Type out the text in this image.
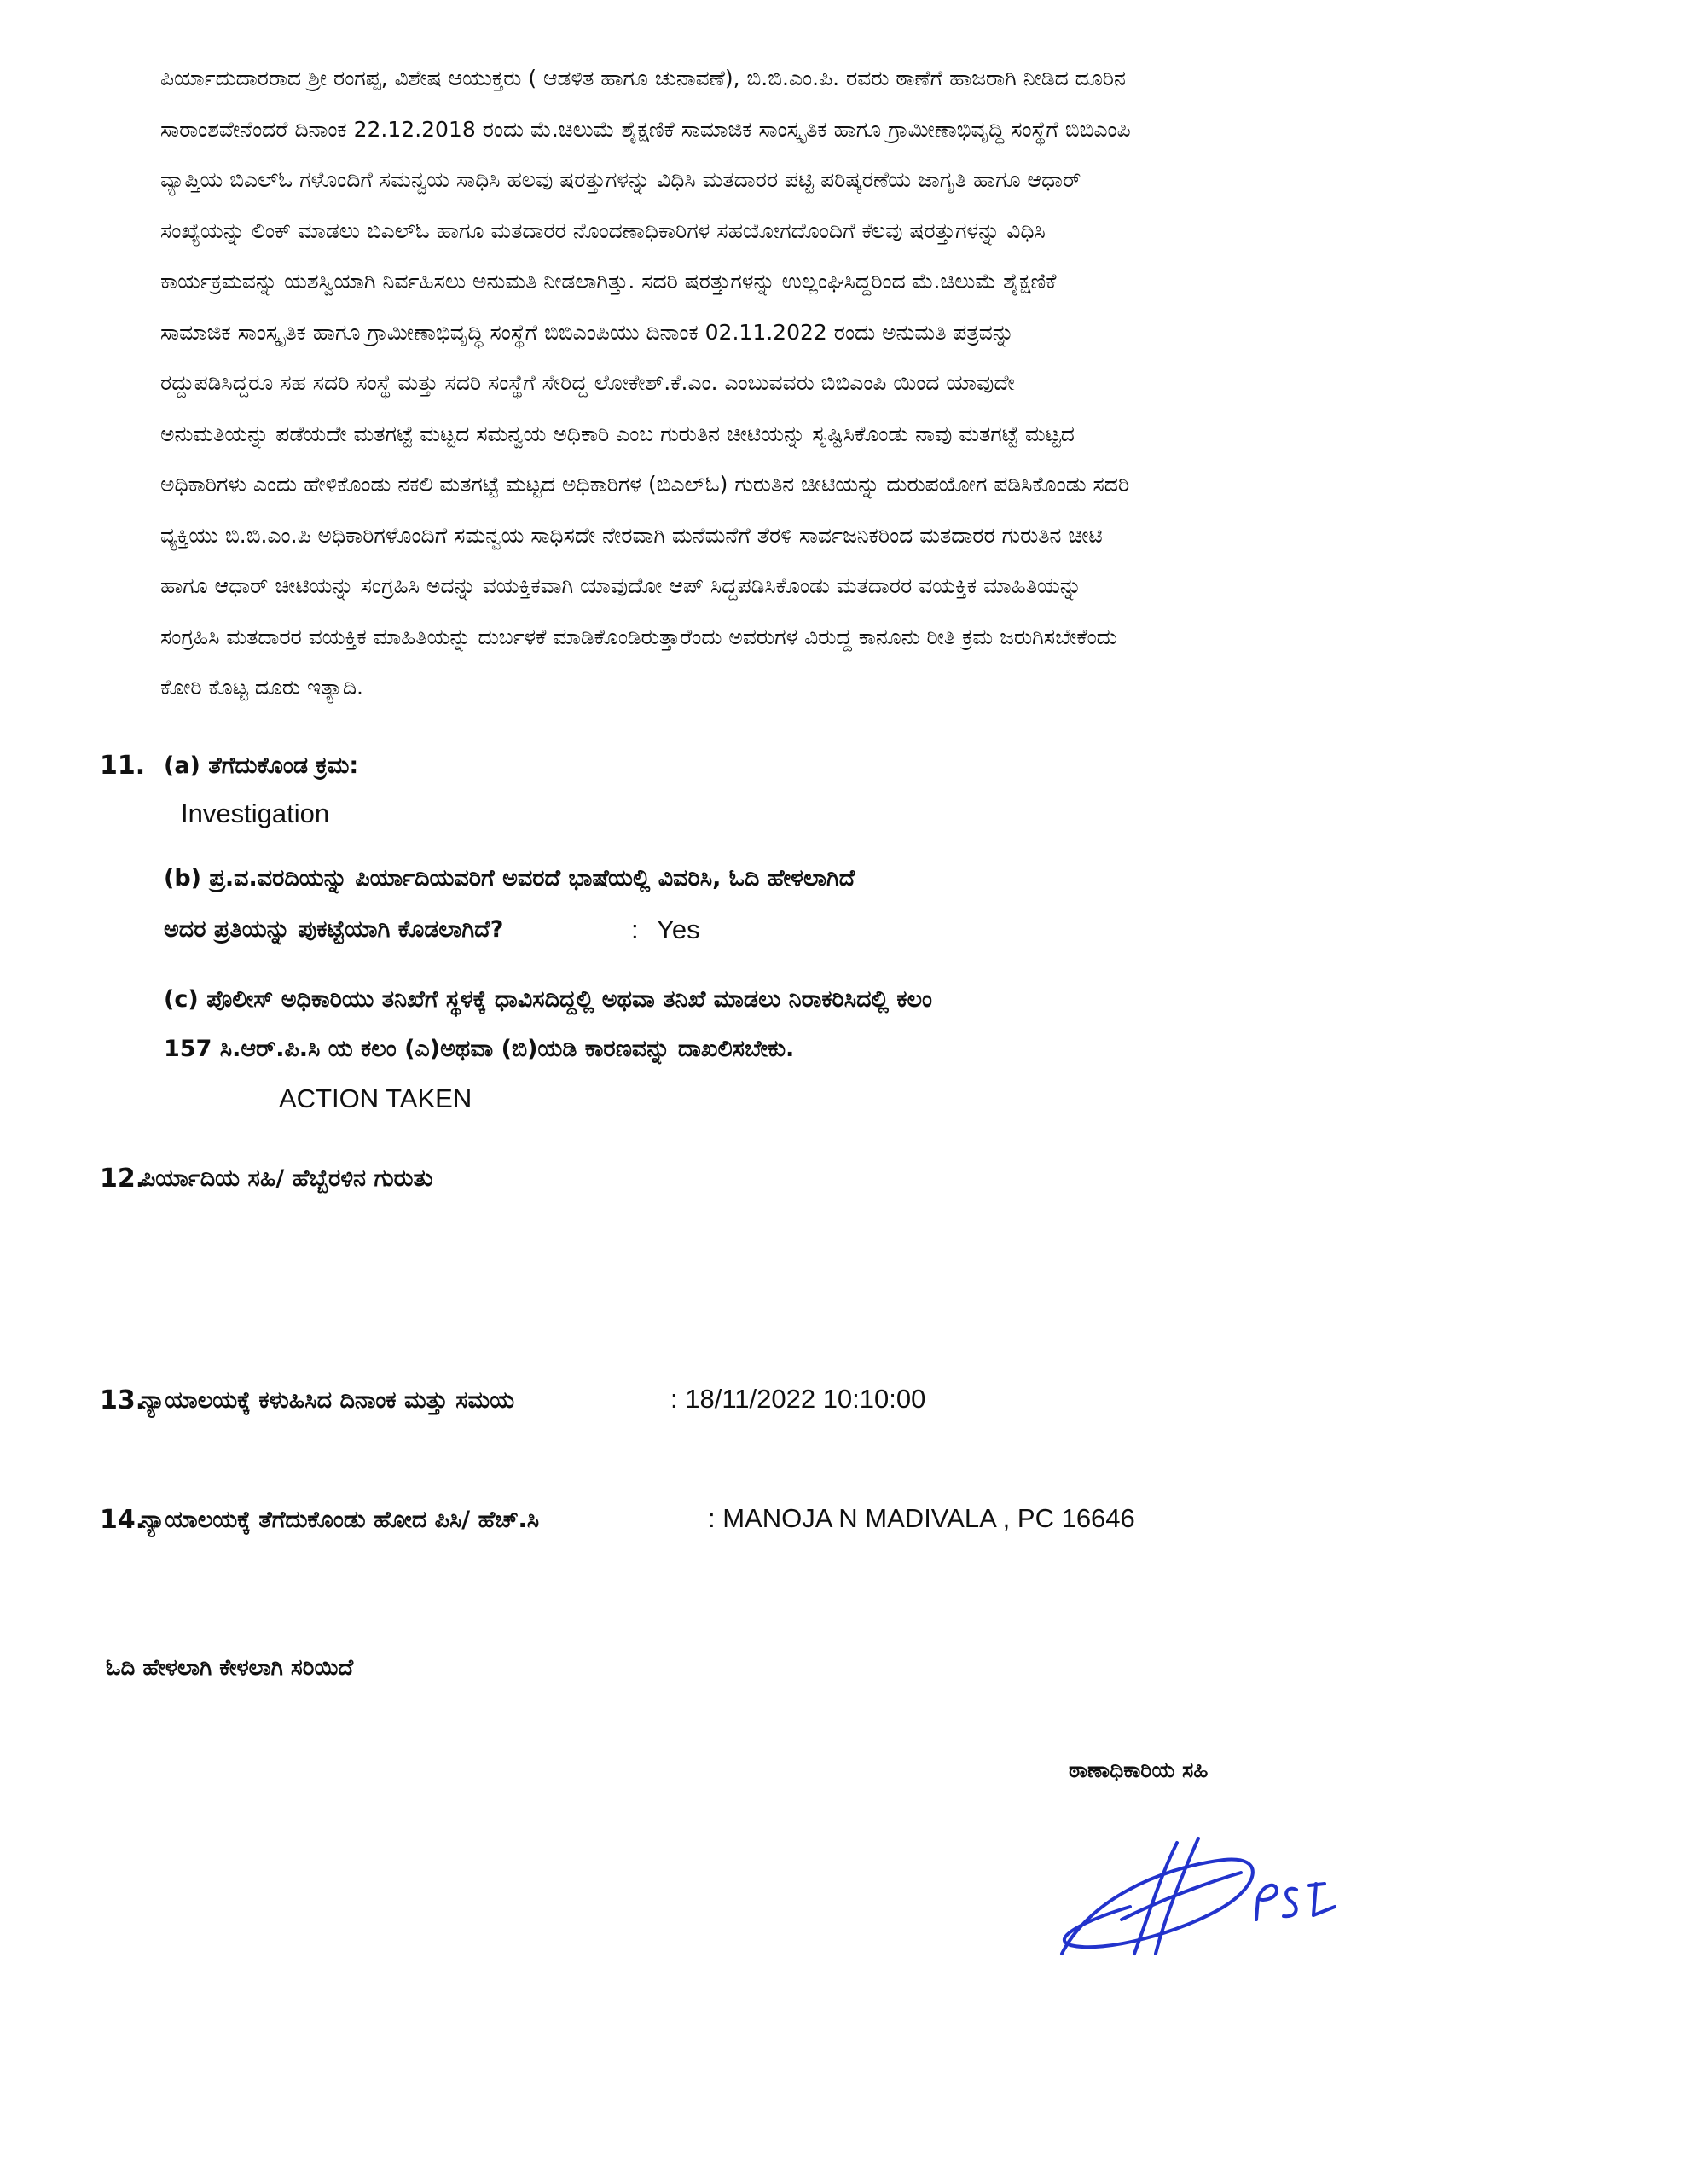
ಪಿರ್ಯಾದುದಾರರಾದ ಶ್ರೀ ರಂಗಪ್ಪ, ವಿಶೇಷ ಆಯುಕ್ತರು ( ಆಡಳಿತ ಹಾಗೂ ಚುನಾವಣೆ), ಬಿ.ಬಿ.ಎಂ.ಪಿ. ರವರು ಠಾಣೆಗೆ ಹಾಜರಾಗಿ ನೀಡಿದ ದೂರಿನ
ಸಾರಾಂಶವೇನೆಂದರೆ ದಿನಾಂಕ 22.12.2018 ರಂದು ಮೆ.ಚಿಲುಮೆ ಶೈಕ್ಷಣಿಕೆ ಸಾಮಾಜಿಕ ಸಾಂಸ್ಕೃತಿಕ ಹಾಗೂ ಗ್ರಾಮೀಣಾಭಿವೃದ್ಧಿ ಸಂಸ್ಥೆಗೆ ಬಿಬಿಎಂಪಿ
ವ್ಯಾಪ್ತಿಯ ಬಿಎಲ್‌ಓ ಗಳೊಂದಿಗೆ ಸಮನ್ವಯ ಸಾಧಿಸಿ ಹಲವು ಷರತ್ತುಗಳನ್ನು ವಿಧಿಸಿ ಮತದಾರರ ಪಟ್ಟಿ ಪರಿಷ್ಕರಣೆಯ ಜಾಗೃತಿ ಹಾಗೂ ಆಧಾರ್
ಸಂಖ್ಯೆಯನ್ನು ಲಿಂಕ್ ಮಾಡಲು ಬಿಎಲ್‌ಓ ಹಾಗೂ ಮತದಾರರ ನೊಂದಣಾಧಿಕಾರಿಗಳ ಸಹಯೋಗದೊಂದಿಗೆ ಕೆಲವು ಷರತ್ತುಗಳನ್ನು ವಿಧಿಸಿ
ಕಾರ್ಯಕ್ರಮವನ್ನು ಯಶಸ್ವಿಯಾಗಿ ನಿರ್ವಹಿಸಲು ಅನುಮತಿ ನೀಡಲಾಗಿತ್ತು. ಸದರಿ ಷರತ್ತುಗಳನ್ನು ಉಲ್ಲಂಘಿಸಿದ್ದರಿಂದ ಮೆ.ಚಿಲುಮೆ ಶೈಕ್ಷಣಿಕೆ
ಸಾಮಾಜಿಕ ಸಾಂಸ್ಕೃತಿಕ ಹಾಗೂ ಗ್ರಾಮೀಣಾಭಿವೃದ್ಧಿ ಸಂಸ್ಥೆಗೆ ಬಿಬಿಎಂಪಿಯು ದಿನಾಂಕ 02.11.2022 ರಂದು ಅನುಮತಿ ಪತ್ರವನ್ನು
ರದ್ದುಪಡಿಸಿದ್ದರೂ ಸಹ ಸದರಿ ಸಂಸ್ಥೆ ಮತ್ತು ಸದರಿ ಸಂಸ್ಥೆಗೆ ಸೇರಿದ್ದ ಲೋಕೇಶ್.ಕೆ.ಎಂ. ಎಂಬುವವರು ಬಿಬಿಎಂಪಿ ಯಿಂದ ಯಾವುದೇ
ಅನುಮತಿಯನ್ನು ಪಡೆಯದೇ ಮತಗಟ್ಟೆ ಮಟ್ಟದ ಸಮನ್ವಯ ಅಧಿಕಾರಿ ಎಂಬ ಗುರುತಿನ ಚೀಟಿಯನ್ನು ಸೃಷ್ಟಿಸಿಕೊಂಡು ನಾವು ಮತಗಟ್ಟೆ ಮಟ್ಟದ
ಅಧಿಕಾರಿಗಳು ಎಂದು ಹೇಳಿಕೊಂಡು ನಕಲಿ ಮತಗಟ್ಟೆ ಮಟ್ಟದ ಅಧಿಕಾರಿಗಳ (ಬಿಎಲ್‌ಓ) ಗುರುತಿನ ಚೀಟಿಯನ್ನು ದುರುಪಯೋಗ ಪಡಿಸಿಕೊಂಡು ಸದರಿ
ವ್ಯಕ್ತಿಯು ಬಿ.ಬಿ.ಎಂ.ಪಿ ಅಧಿಕಾರಿಗಳೊಂದಿಗೆ ಸಮನ್ವಯ ಸಾಧಿಸದೇ ನೇರವಾಗಿ ಮನೆಮನೆಗೆ ತೆರಳಿ ಸಾರ್ವಜನಿಕರಿಂದ ಮತದಾರರ ಗುರುತಿನ ಚೀಟಿ
ಹಾಗೂ ಆಧಾರ್ ಚೀಟಿಯನ್ನು ಸಂಗ್ರಹಿಸಿ ಅದನ್ನು ವಯಕ್ತಿಕವಾಗಿ ಯಾವುದೋ ಆಪ್ ಸಿದ್ದಪಡಿಸಿಕೊಂಡು ಮತದಾರರ ವಯಕ್ತಿಕ ಮಾಹಿತಿಯನ್ನು
ಸಂಗ್ರಹಿಸಿ ಮತದಾರರ ವಯಕ್ತಿಕ ಮಾಹಿತಿಯನ್ನು ದುರ್ಬಳಕೆ ಮಾಡಿಕೊಂಡಿರುತ್ತಾರೆಂದು ಅವರುಗಳ ವಿರುದ್ದ ಕಾನೂನು ರೀತಿ ಕ್ರಮ ಜರುಗಿಸಬೇಕೆಂದು
ಕೋರಿ ಕೊಟ್ಟ ದೂರು ಇತ್ಯಾದಿ.
11. (a) ತೆಗೆದುಕೊಂಡ ಕ್ರಮ:
Investigation
(b) ಪ್ರ.ವ.ವರದಿಯನ್ನು ಪಿರ್ಯಾದಿಯವರಿಗೆ ಅವರದೆ ಭಾಷೆಯಲ್ಲಿ ವಿವರಿಸಿ, ಓದಿ ಹೇಳಲಾಗಿದೆ
ಅದರ ಪ್ರತಿಯನ್ನು ಪುಕಟ್ಟೆಯಾಗಿ ಕೊಡಲಾಗಿದೆ?	: Yes
(c) ಪೊಲೀಸ್ ಅಧಿಕಾರಿಯು ತನಿಖೆಗೆ ಸ್ಥಳಕ್ಕೆ ಧಾವಿಸದಿದ್ದಲ್ಲಿ ಅಥವಾ ತನಿಖೆ ಮಾಡಲು ನಿರಾಕರಿಸಿದಲ್ಲಿ ಕಲಂ
157 ಸಿ.ಆರ್.ಪಿ.ಸಿ ಯ ಕಲಂ (ಎ)ಅಥವಾ (ಬಿ)ಯಡಿ ಕಾರಣವನ್ನು ದಾಖಲಿಸಬೇಕು.
ACTION TAKEN
12.
ಪಿರ್ಯಾದಿಯ ಸಹಿ/ ಹೆಬ್ಬೆರಳಿನ ಗುರುತು
13.
ನ್ಯಾಯಾಲಯಕ್ಕೆ ಕಳುಹಿಸಿದ ದಿನಾಂಕ ಮತ್ತು ಸಮಯ	: 18/11/2022 10:10:00
14.
ನ್ಯಾಯಾಲಯಕ್ಕೆ ತೆಗೆದುಕೊಂಡು ಹೋದ ಪಿಸಿ/ ಹೆಚ್.ಸಿ	: MANOJA N MADIVALA , PC 16646
ಓದಿ ಹೇಳಲಾಗಿ ಕೇಳಲಾಗಿ ಸರಿಯಿದೆ
ಠಾಣಾಧಿಕಾರಿಯ ಸಹಿ
